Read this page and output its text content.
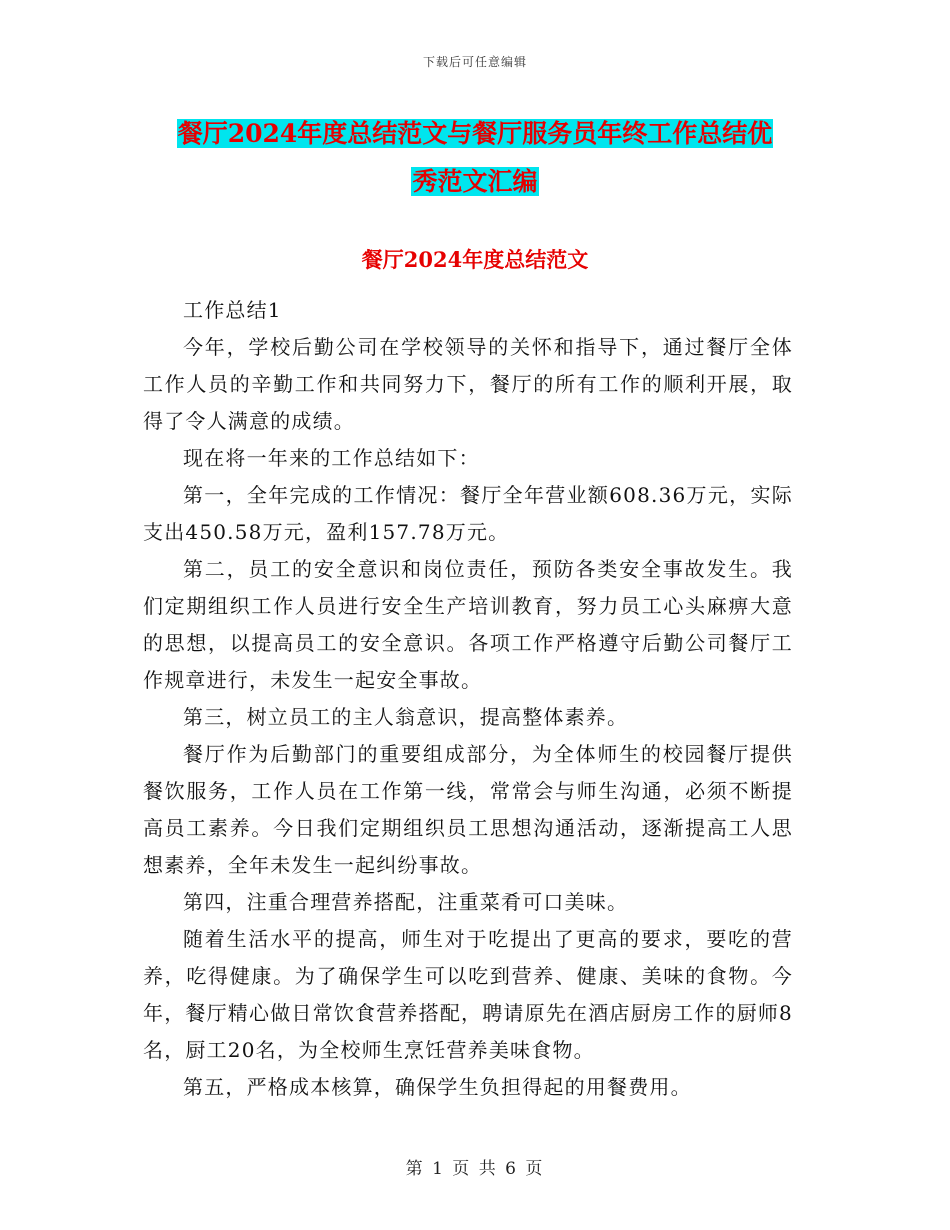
下载后可任意编辑
餐厅2024年度总结范文与餐厅服务员年终工作总结优
秀范文汇编
餐厅2024年度总结范文

工作总结1

今年，学校后勤公司在学校领导的关怀和指导下，通过餐厅全体工作人员的辛勤工作和共同努力下，餐厅的所有工作的顺利开展，取得了令人满意的成绩。

现在将一年来的工作总结如下：

第一，全年完成的工作情况：餐厅全年营业额608.36万元，实际支出450.58万元，盈利157.78万元。

第二，员工的安全意识和岗位责任，预防各类安全事故发生。我们定期组织工作人员进行安全生产培训教育，努力员工心头麻痹大意的思想，以提高员工的安全意识。各项工作严格遵守后勤公司餐厅工作规章进行，未发生一起安全事故。

第三，树立员工的主人翁意识，提高整体素养。

餐厅作为后勤部门的重要组成部分，为全体师生的校园餐厅提供餐饮服务，工作人员在工作第一线，常常会与师生沟通，必须不断提高员工素养。今日我们定期组织员工思想沟通活动，逐渐提高工人思想素养，全年未发生一起纠纷事故。

第四，注重合理营养搭配，注重菜肴可口美味。

随着生活水平的提高，师生对于吃提出了更高的要求，要吃的营养，吃得健康。为了确保学生可以吃到营养、健康、美味的食物。今年，餐厅精心做日常饮食营养搭配，聘请原先在酒店厨房工作的厨师8名，厨工20名，为全校师生烹饪营养美味食物。

第五，严格成本核算，确保学生负担得起的用餐费用。

第 1 页 共 6 页
